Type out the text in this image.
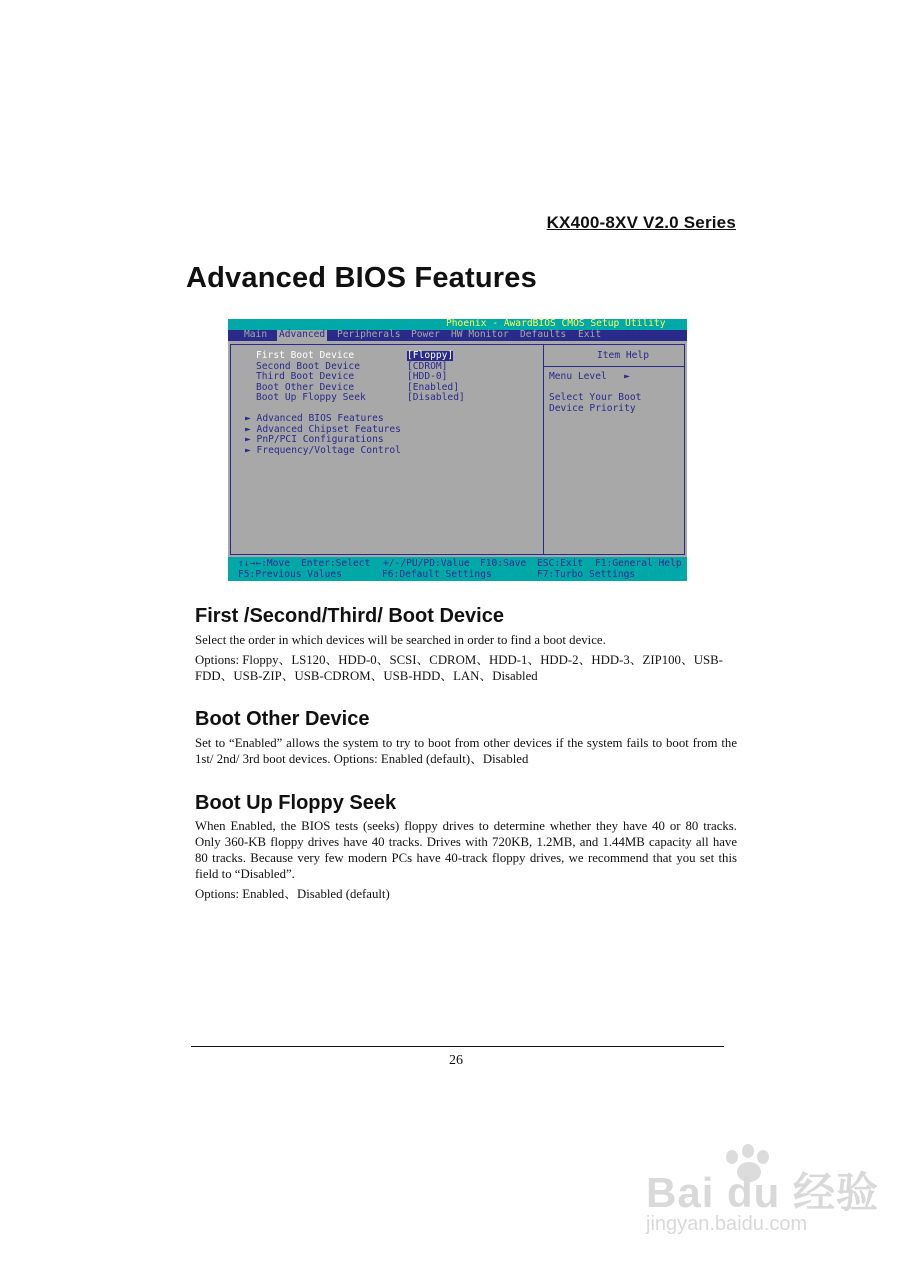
KX400-8XV V2.0 Series
Advanced BIOS Features

Phoenix - AwardBIOS CMOS Setup Utility

Main Advanced Peripherals Power HW Monitor Defaults Exit
First Boot Device
Second Boot Device
Third Boot Device
Boot Other Device
Boot Up Floppy Seek
[Floppy]
[CDROM]
[HDD-0]
[Enabled]
[Disabled]
► Advanced BIOS Features
► Advanced Chipset Features
► PnP/PCI Configurations
► Frequency/Voltage Control
Item Help
Menu Level   ►
Select Your Boot
Device Priority
↑↓→←:Move Enter:Select +/-/PU/PD:Value F10:Save ESC:Exit F1:General Help
F5:Previous Values	F6:Default Settings	F7:Turbo Settings
First /Second/Third/ Boot Device
Select the order in which devices will be searched in order to find a boot device.
Options: Floppy、LS120、HDD-0、SCSI、CDROM、HDD-1、HDD-2、HDD-3、ZIP100、USB-FDD、USB-ZIP、USB-CDROM、USB-HDD、LAN、Disabled
Boot Other Device
Set to “Enabled” allows the system to try to boot from other devices if the system fails to boot from the 1st/ 2nd/ 3rd boot devices. Options: Enabled (default)、Disabled
Boot Up Floppy Seek
When Enabled, the BIOS tests (seeks) floppy drives to determine whether they have 40 or 80 tracks. Only 360-KB floppy drives have 40 tracks. Drives with 720KB, 1.2MB, and 1.44MB capacity all have 80 tracks. Because very few modern PCs have 40-track floppy drives, we recommend that you set this field to “Disabled”.
Options: Enabled、Disabled (default)
26
Bai du 经验
jingyan.baidu.com
